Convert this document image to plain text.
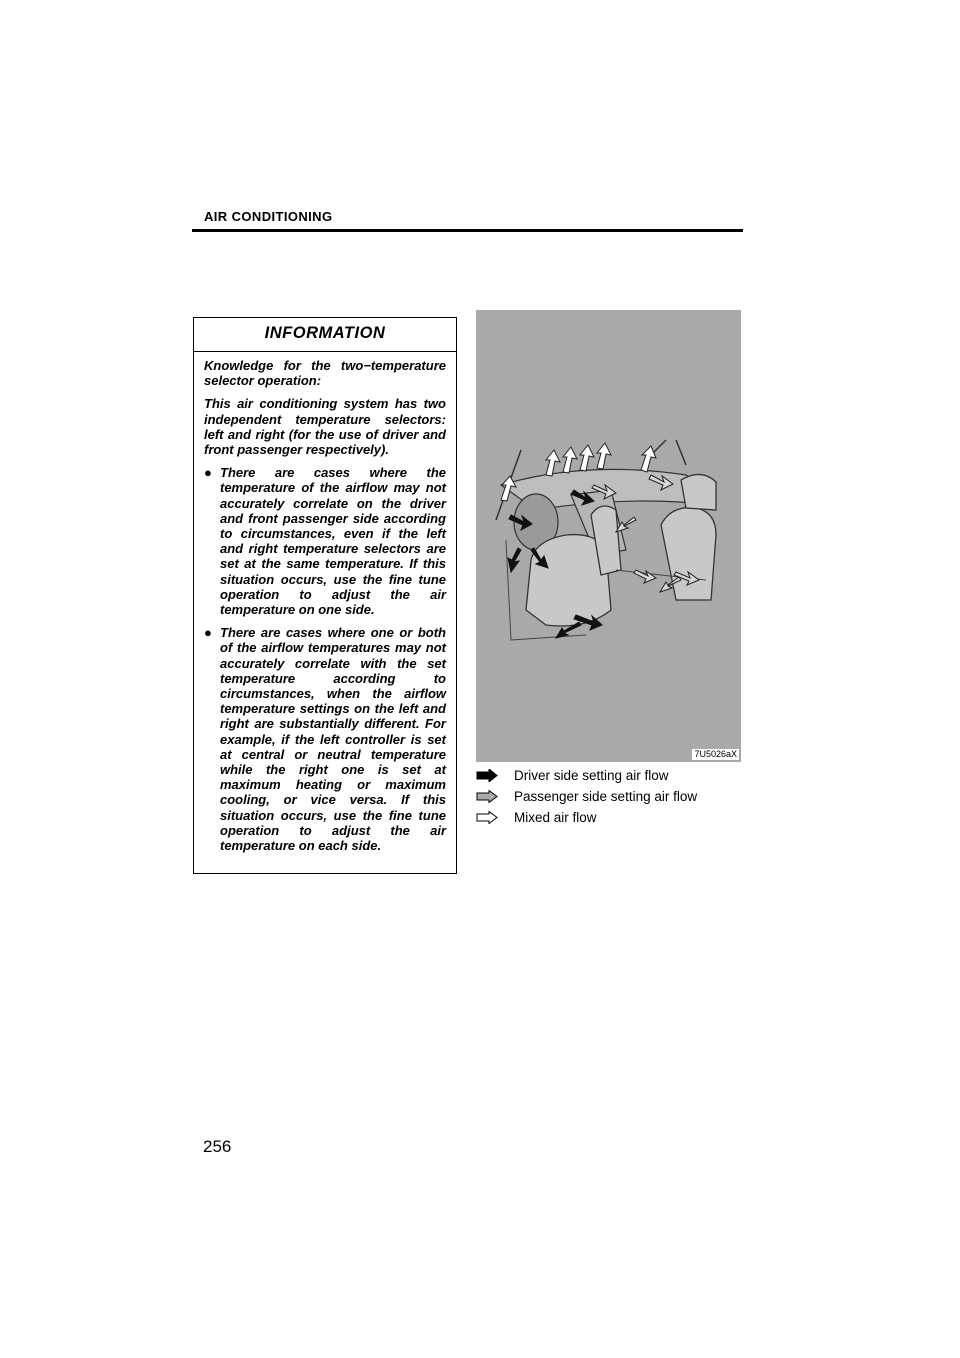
AIR CONDITIONING
INFORMATION

Knowledge for the two−temperature selector operation:

This air conditioning system has two independent temperature selectors: left and right (for the use of driver and front passenger respectively).

● There are cases where the temperature of the airflow may not accurately correlate on the driver and front passenger side according to circumstances, even if the left and right temperature selectors are set at the same temperature. If this situation occurs, use the fine tune operation to adjust the air temperature on one side.
● There are cases where one or both of the airflow temperatures may not accurately correlate with the set temperature according to circumstances, when the airflow temperature settings on the left and right are substantially different. For example, if the left controller is set at central or neutral temperature while the right one is set at maximum heating or maximum cooling, or vice versa. If this situation occurs, use the fine tune operation to adjust the air temperature on each side.
7U5026aX
Driver side setting air flow
Passenger side setting air flow
Mixed air flow
256
